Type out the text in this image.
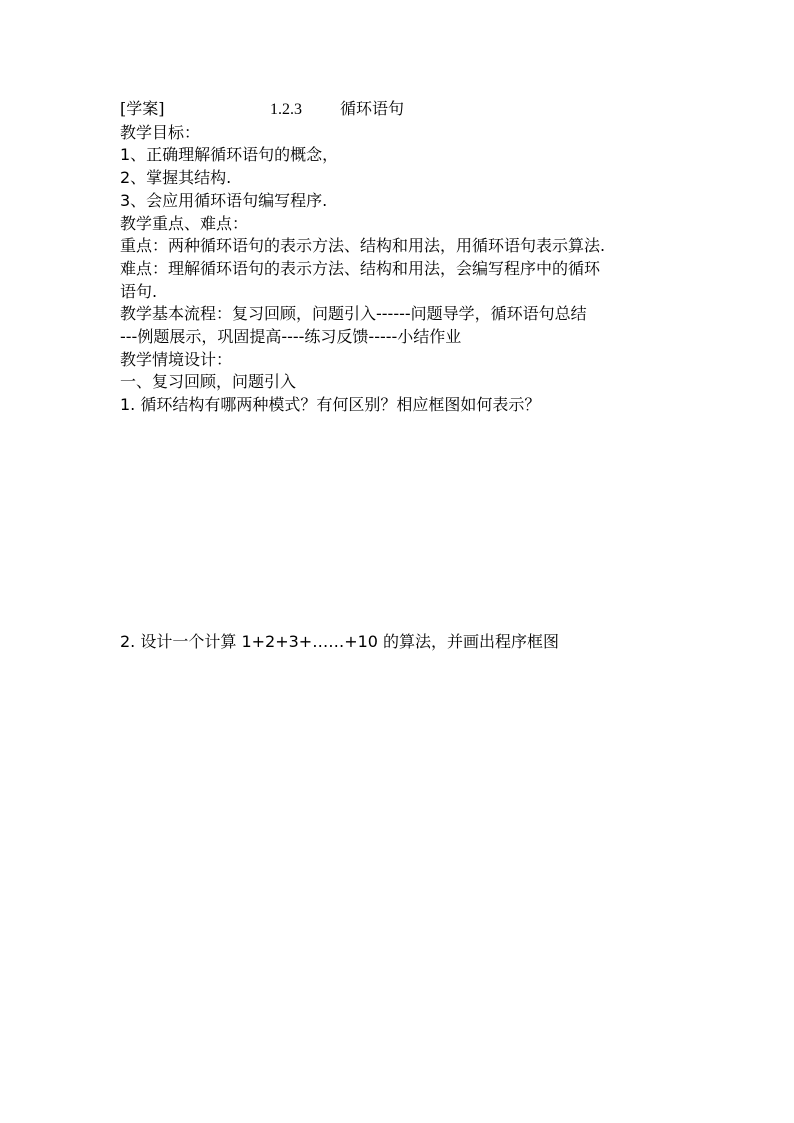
[学案]	1.2.3	循环语句
教学目标：
1、正确理解循环语句的概念，
2、掌握其结构.
3、会应用循环语句编写程序.
教学重点、难点：
重点：两种循环语句的表示方法、结构和用法，用循环语句表示算法.
难点：理解循环语句的表示方法、结构和用法，会编写程序中的循环
语句.
教学基本流程：复习回顾，问题引入------问题导学，循环语句总结
---例题展示，巩固提高----练习反馈-----小结作业
教学情境设计：
一、复习回顾，问题引入
1. 循环结构有哪两种模式？有何区别？相应框图如何表示？
2. 设计一个计算 1+2+3+……+10 的算法，并画出程序框图
